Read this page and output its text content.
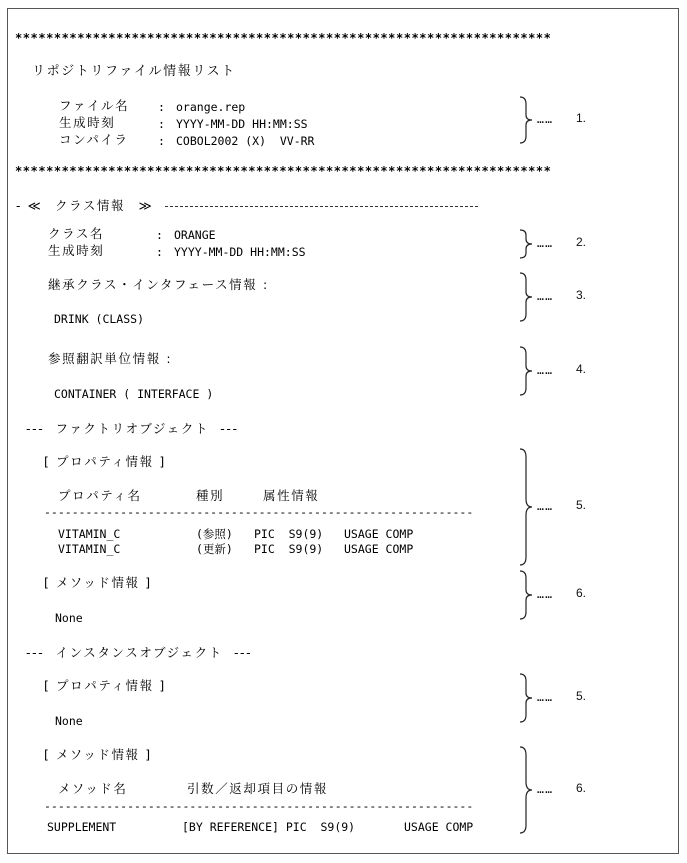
*********************************************************************
リポジトリファイル情報リスト
ファイル名 : orange.rep
生成時刻	: YYYY-MM-DD HH:MM:SS
コンパイラ	: COBOL2002 (X)  VV-RR
…… 1.
*********************************************************************
- ≪ クラス情報 ≫
クラス名	: ORANGE
生成時刻	: YYYY-MM-DD HH:MM:SS
…… 2.
継承クラス・インタフェース情報 :
DRINK (CLASS)
…… 3.
参照翻訳単位情報 :
CONTAINER ( INTERFACE )
…… 4.
---  ファクトリオブジェクト  ---
[ プロパティ情報 ]
プロパティ名	種別	属性情報
--------------------------------------------------------------
VITAMIN_C	(参照) PIC  S9(9)   USAGE COMP
VITAMIN_C	(更新) PIC  S9(9)   USAGE COMP
…… 5.
[ メソッド情報 ]
None
…… 6.
---  インスタンスオブジェクト  ---
[ プロパティ情報 ]
None
…… 5.
[ メソッド情報 ]
メソッド名	引数／返却項目の情報
--------------------------------------------------------------
SUPPLEMENT	[BY REFERENCE] PIC  S9(9)	USAGE COMP
…… 6.
